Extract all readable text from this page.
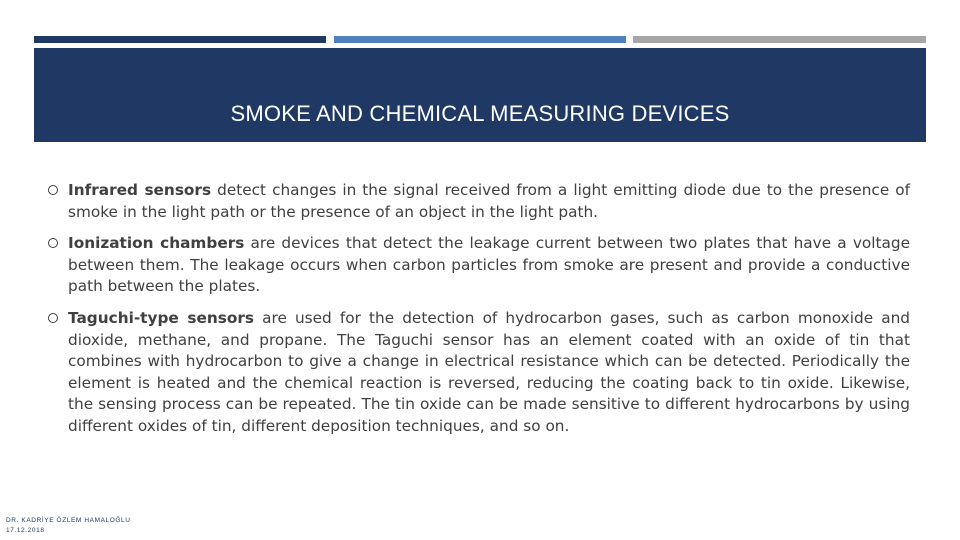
SMOKE AND CHEMICAL MEASURING DEVICES
Infrared sensors detect changes in the signal received from a light emitting diode due to the presence of smoke in the light path or the presence of an object in the light path.
Ionization chambers are devices that detect the leakage current between two plates that have a voltage between them. The leakage occurs when carbon particles from smoke are present and provide a conductive path between the plates.
Taguchi-type sensors are used for the detection of hydrocarbon gases, such as carbon monoxide and dioxide, methane, and propane. The Taguchi sensor has an element coated with an oxide of tin that combines with hydrocarbon to give a change in electrical resistance which can be detected. Periodically the element is heated and the chemical reaction is reversed, reducing the coating back to tin oxide. Likewise, the sensing process can be repeated. The tin oxide can be made sensitive to different hydrocarbons by using different oxides of tin, different deposition techniques, and so on.
DR. KADRİYE ÖZLEM HAMALOĞLU
17.12.2018
